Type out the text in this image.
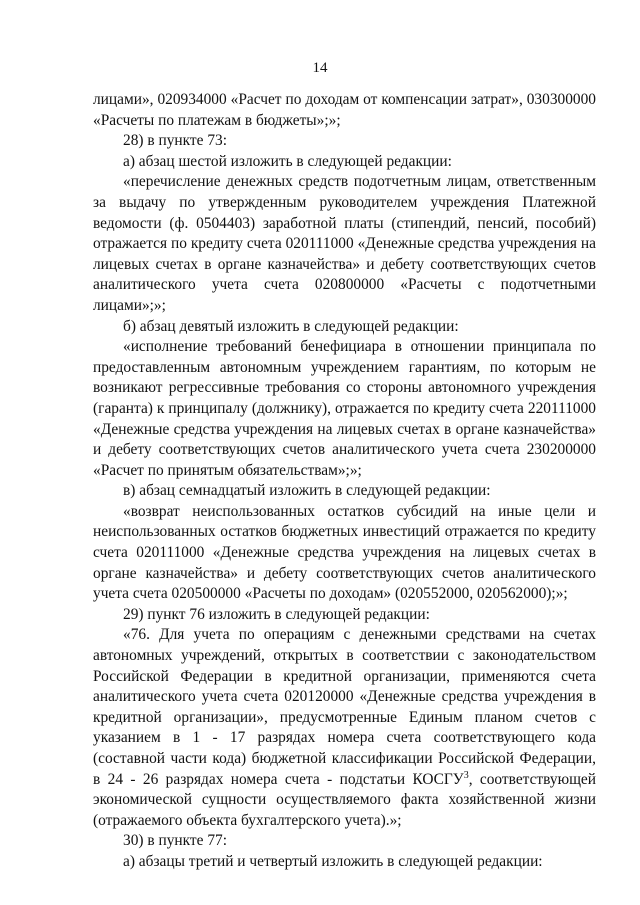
14

лицами», 020934000 «Расчет по доходам от компенсации затрат», 030300000 «Расчеты по платежам в бюджеты»;»;

28) в пункте 73:

а) абзац шестой изложить в следующей редакции:

«перечисление денежных средств подотчетным лицам, ответственным за выдачу по утвержденным руководителем учреждения Платежной ведомости (ф. 0504403) заработной платы (стипендий, пенсий, пособий) отражается по кредиту счета 020111000 «Денежные средства учреждения на лицевых счетах в органе казначейства» и дебету соответствующих счетов аналитического учета счета 020800000 «Расчеты с подотчетными лицами»;»;

б) абзац девятый изложить в следующей редакции:

«исполнение требований бенефициара в отношении принципала по предоставленным автономным учреждением гарантиям, по которым не возникают регрессивные требования со стороны автономного учреждения (гаранта) к принципалу (должнику), отражается по кредиту счета 220111000 «Денежные средства учреждения на лицевых счетах в органе казначейства» и дебету соответствующих счетов аналитического учета счета 230200000 «Расчет по принятым обязательствам»;»;

в) абзац семнадцатый изложить в следующей редакции:

«возврат неиспользованных остатков субсидий на иные цели и неиспользованных остатков бюджетных инвестиций отражается по кредиту счета 020111000 «Денежные средства учреждения на лицевых счетах в органе казначейства» и дебету соответствующих счетов аналитического учета счета 020500000 «Расчеты по доходам» (020552000, 020562000);»;

29) пункт 76 изложить в следующей редакции:

«76. Для учета по операциям с денежными средствами на счетах автономных учреждений, открытых в соответствии с законодательством Российской Федерации в кредитной организации, применяются счета аналитического учета счета 020120000 «Денежные средства учреждения в кредитной организации», предусмотренные Единым планом счетов с указанием в 1 - 17 разрядах номера счета соответствующего кода (составной части кода) бюджетной классификации Российской Федерации, в 24 - 26 разрядах номера счета - подстатьи КОСГУ$^3$, соответствующей экономической сущности осуществляемого факта хозяйственной жизни (отражаемого объекта бухгалтерского учета).»;

30) в пункте 77:

а) абзацы третий и четвертый изложить в следующей редакции:
